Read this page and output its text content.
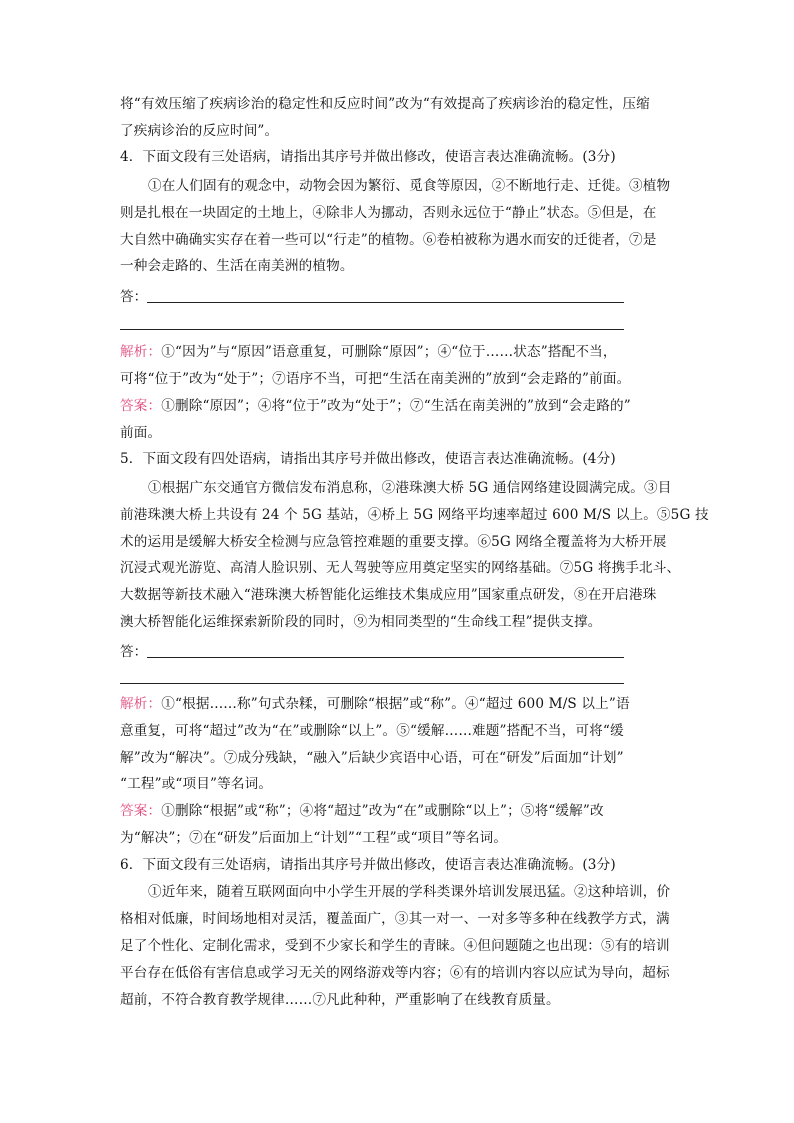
将“有效压缩了疾病诊治的稳定性和反应时间”改为“有效提高了疾病诊治的稳定性，压缩
了疾病诊治的反应时间”。
4．下面文段有三处语病，请指出其序号并做出修改，使语言表达准确流畅。(3分)
①在人们固有的观念中，动物会因为繁衍、觅食等原因，②不断地行走、迁徙。③植物
则是扎根在一块固定的土地上，④除非人为挪动，否则永远位于“静止”状态。⑤但是，在
大自然中确确实实存在着一些可以“行走”的植物。⑥卷柏被称为遇水而安的迁徙者，⑦是
一种会走路的、生活在南美洲的植物。
答：
解析：①“因为”与“原因”语意重复，可删除“原因”；④“位于……状态”搭配不当，
可将“位于”改为“处于”；⑦语序不当，可把“生活在南美洲的”放到“会走路的”前面。
答案：①删除“原因”；④将“位于”改为“处于”；⑦“生活在南美洲的”放到“会走路的”
前面。
5．下面文段有四处语病，请指出其序号并做出修改，使语言表达准确流畅。(4分)
①根据广东交通官方微信发布消息称，②港珠澳大桥 5G 通信网络建设圆满完成。③目
前港珠澳大桥上共设有 24 个 5G 基站，④桥上 5G 网络平均速率超过 600 M/S 以上。⑤5G 技
术的运用是缓解大桥安全检测与应急管控难题的重要支撑。⑥5G 网络全覆盖将为大桥开展
沉浸式观光游览、高清人脸识别、无人驾驶等应用奠定坚实的网络基础。⑦5G 将携手北斗、
大数据等新技术融入“港珠澳大桥智能化运维技术集成应用”国家重点研发，⑧在开启港珠
澳大桥智能化运维探索新阶段的同时，⑨为相同类型的“生命线工程”提供支撑。
答：
解析：①“根据……称”句式杂糅，可删除“根据”或“称”。④“超过 600 M/S 以上”语
意重复，可将“超过”改为“在”或删除“以上”。⑤“缓解……难题”搭配不当，可将“缓
解”改为“解决”。⑦成分残缺，“融入”后缺少宾语中心语，可在“研发”后面加“计划”
“工程”或“项目”等名词。
答案：①删除“根据”或“称”；④将“超过”改为“在”或删除“以上”；⑤将“缓解”改
为“解决”；⑦在“研发”后面加上“计划”“工程”或“项目”等名词。
6．下面文段有三处语病，请指出其序号并做出修改，使语言表达准确流畅。(3分)
①近年来，随着互联网面向中小学生开展的学科类课外培训发展迅猛。②这种培训，价
格相对低廉，时间场地相对灵活，覆盖面广，③其一对一、一对多等多种在线教学方式，满
足了个性化、定制化需求，受到不少家长和学生的青睐。④但问题随之也出现：⑤有的培训
平台存在低俗有害信息或学习无关的网络游戏等内容；⑥有的培训内容以应试为导向，超标
超前，不符合教育教学规律……⑦凡此种种，严重影响了在线教育质量。
